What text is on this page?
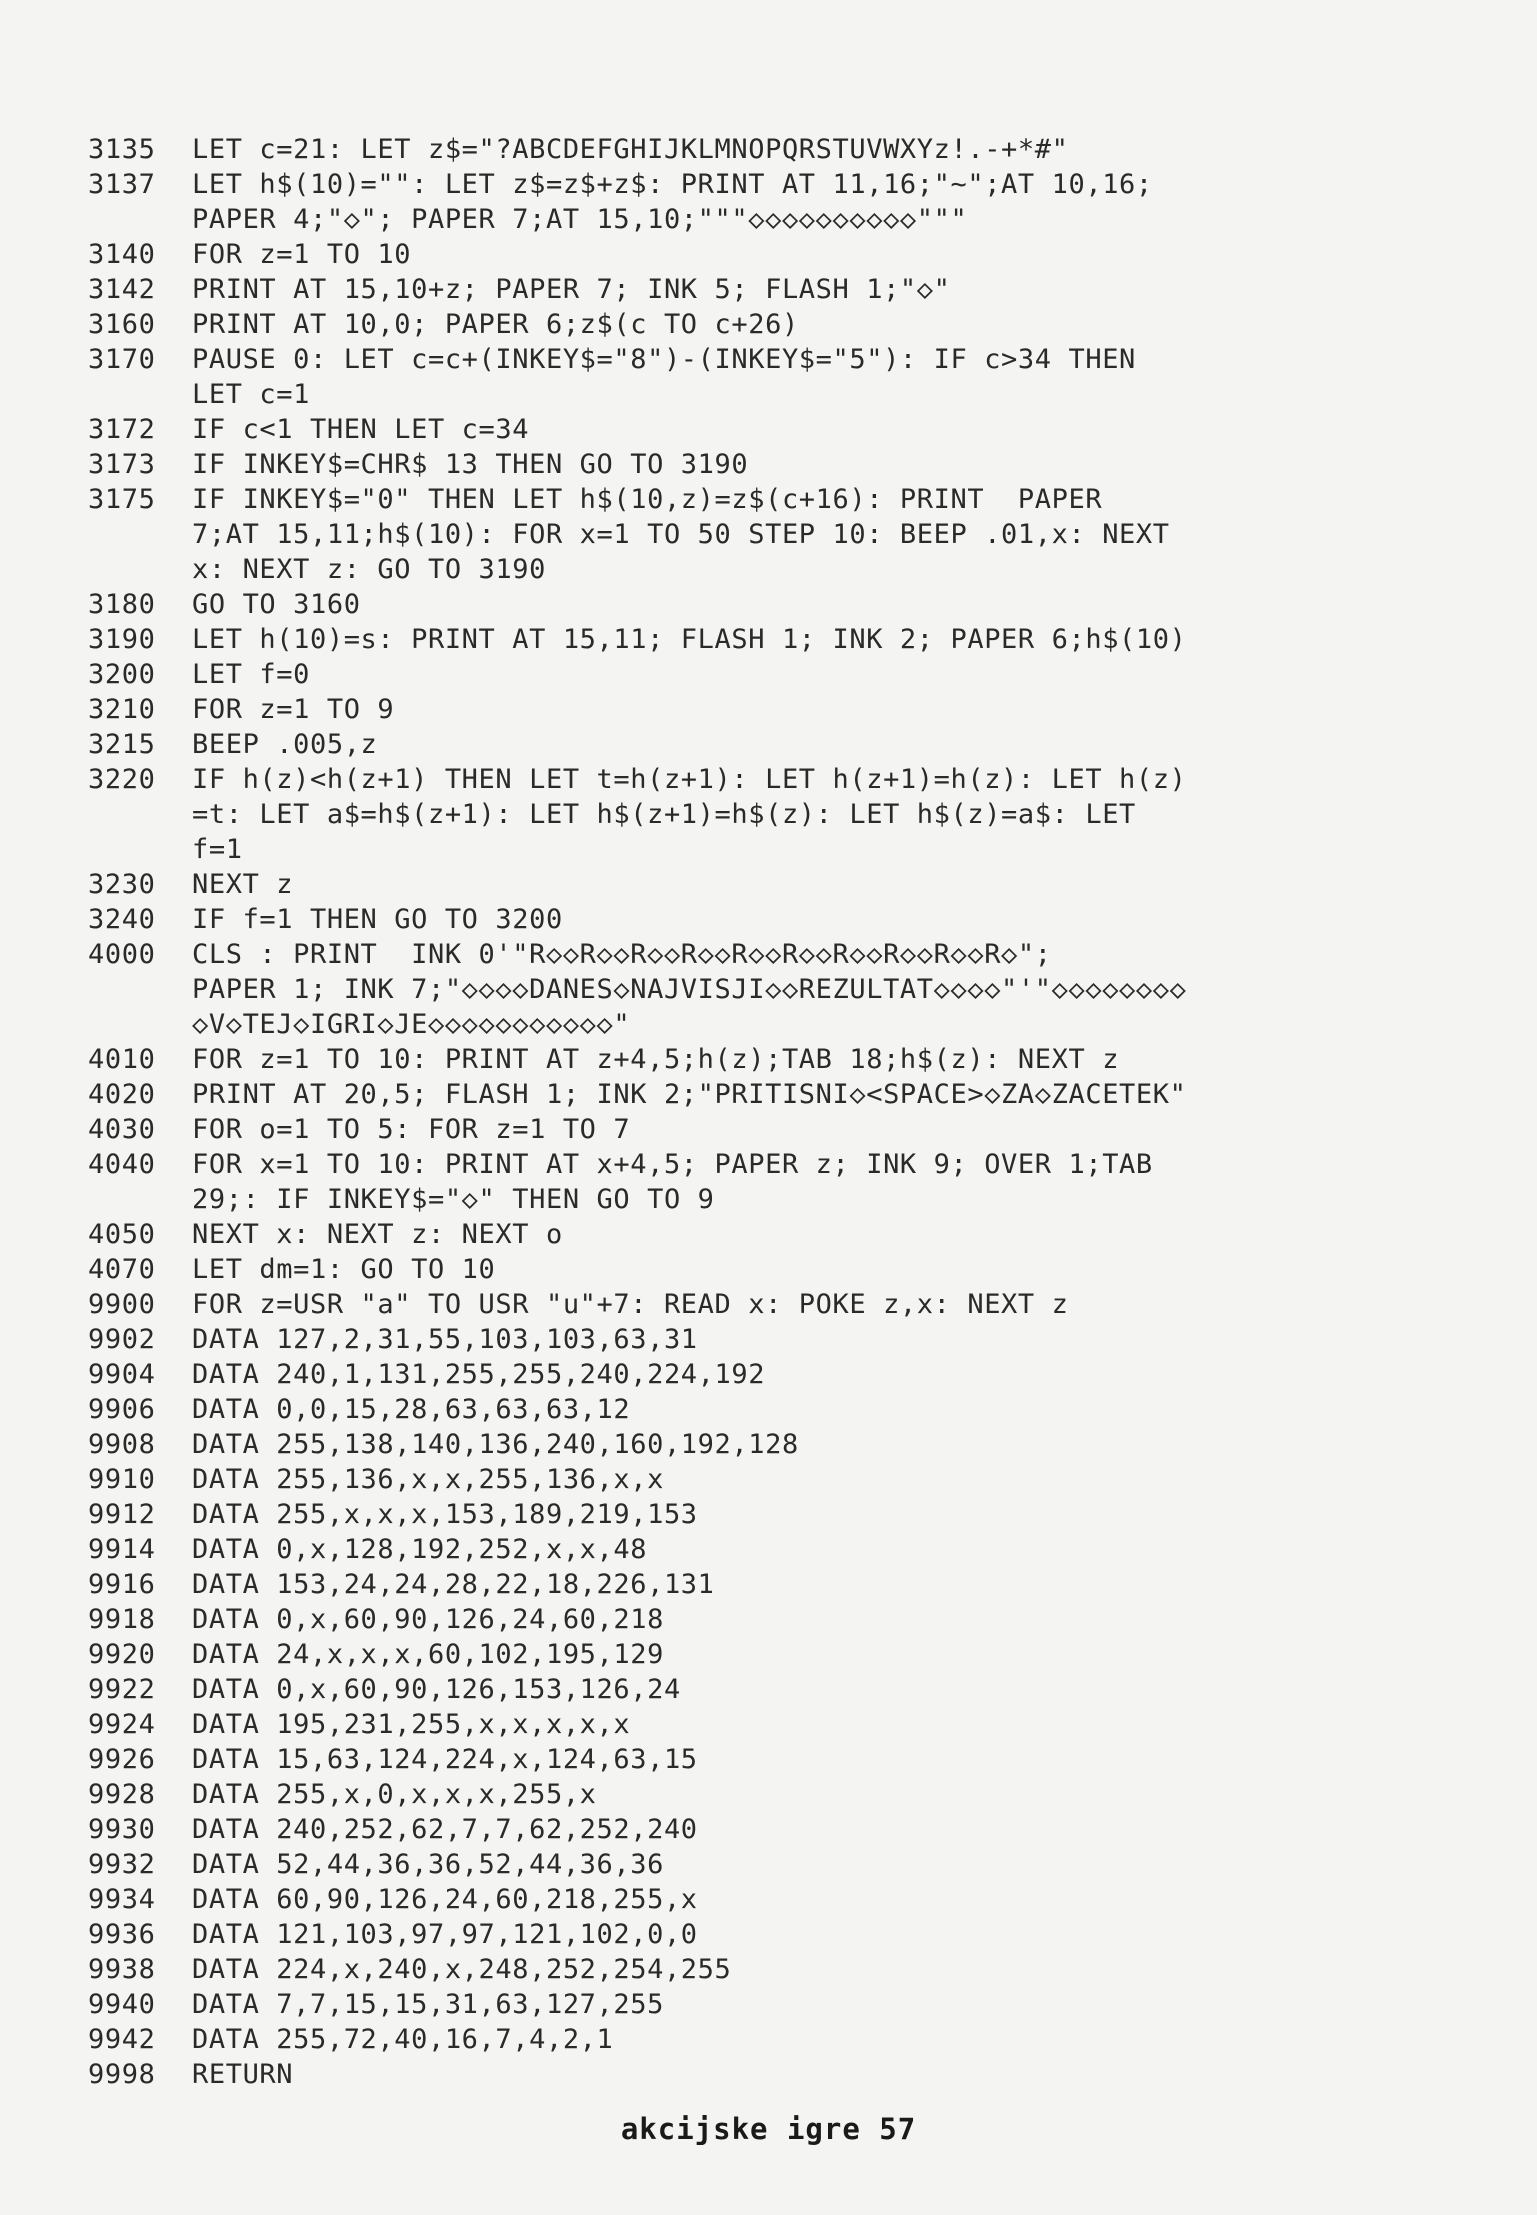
3135	LET c=21: LET z$="?ABCDEFGHIJKLMNOPQRSTUVWXYz!.-+*#"
3137	LET h$(10)="": LET z$=z$+z$: PRINT AT 11,16;"~";AT 10,16;
PAPER 4;"◇"; PAPER 7;AT 15,10;"""◇◇◇◇◇◇◇◇◇◇"""
3140	FOR z=1 TO 10
3142	PRINT AT 15,10+z; PAPER 7; INK 5; FLASH 1;"◇"
3160	PRINT AT 10,0; PAPER 6;z$(c TO c+26)
3170	PAUSE 0: LET c=c+(INKEY$="8")-(INKEY$="5"): IF c>34 THEN
LET c=1
3172	IF c<1 THEN LET c=34
3173	IF INKEY$=CHR$ 13 THEN GO TO 3190
3175	IF INKEY$="0" THEN LET h$(10,z)=z$(c+16): PRINT  PAPER
7;AT 15,11;h$(10): FOR x=1 TO 50 STEP 10: BEEP .01,x: NEXT
x: NEXT z: GO TO 3190
3180	GO TO 3160
3190	LET h(10)=s: PRINT AT 15,11; FLASH 1; INK 2; PAPER 6;h$(10)
3200	LET f=0
3210	FOR z=1 TO 9
3215	BEEP .005,z
3220	IF h(z)<h(z+1) THEN LET t=h(z+1): LET h(z+1)=h(z): LET h(z)
=t: LET a$=h$(z+1): LET h$(z+1)=h$(z): LET h$(z)=a$: LET
f=1
3230	NEXT z
3240	IF f=1 THEN GO TO 3200
4000	CLS : PRINT  INK 0'"R◇◇R◇◇R◇◇R◇◇R◇◇R◇◇R◇◇R◇◇R◇◇R◇";
PAPER 1; INK 7;"◇◇◇◇DANES◇NAJVISJI◇◇REZULTAT◇◇◇◇"'"◇◇◇◇◇◇◇◇
◇V◇TEJ◇IGRI◇JE◇◇◇◇◇◇◇◇◇◇◇"
4010	FOR z=1 TO 10: PRINT AT z+4,5;h(z);TAB 18;h$(z): NEXT z
4020	PRINT AT 20,5; FLASH 1; INK 2;"PRITISNI◇<SPACE>◇ZA◇ZACETEK"
4030	FOR o=1 TO 5: FOR z=1 TO 7
4040	FOR x=1 TO 10: PRINT AT x+4,5; PAPER z; INK 9; OVER 1;TAB
29;: IF INKEY$="◇" THEN GO TO 9
4050	NEXT x: NEXT z: NEXT o
4070	LET dm=1: GO TO 10
9900	FOR z=USR "a" TO USR "u"+7: READ x: POKE z,x: NEXT z
9902	DATA 127,2,31,55,103,103,63,31
9904	DATA 240,1,131,255,255,240,224,192
9906	DATA 0,0,15,28,63,63,63,12
9908	DATA 255,138,140,136,240,160,192,128
9910	DATA 255,136,x,x,255,136,x,x
9912	DATA 255,x,x,x,153,189,219,153
9914	DATA 0,x,128,192,252,x,x,48
9916	DATA 153,24,24,28,22,18,226,131
9918	DATA 0,x,60,90,126,24,60,218
9920	DATA 24,x,x,x,60,102,195,129
9922	DATA 0,x,60,90,126,153,126,24
9924	DATA 195,231,255,x,x,x,x,x
9926	DATA 15,63,124,224,x,124,63,15
9928	DATA 255,x,0,x,x,x,255,x
9930	DATA 240,252,62,7,7,62,252,240
9932	DATA 52,44,36,36,52,44,36,36
9934	DATA 60,90,126,24,60,218,255,x
9936	DATA 121,103,97,97,121,102,0,0
9938	DATA 224,x,240,x,248,252,254,255
9940	DATA 7,7,15,15,31,63,127,255
9942	DATA 255,72,40,16,7,4,2,1
9998	RETURN
akcijske igre 57
